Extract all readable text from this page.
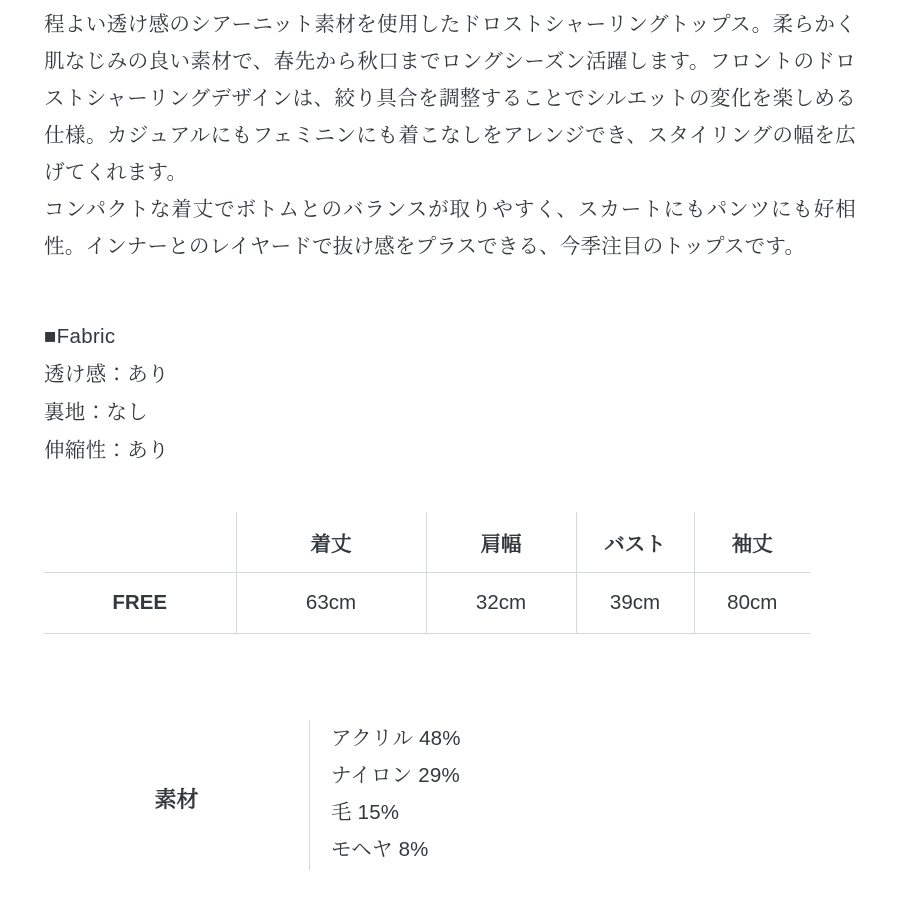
程よい透け感のシアーニット素材を使用したドロストシャーリングトップス。柔らかく肌なじみの良い素材で、春先から秋口までロングシーズン活躍します。フロントのドロストシャーリングデザインは、絞り具合を調整することでシルエットの変化を楽しめる仕様。カジュアルにもフェミニンにも着こなしをアレンジでき、スタイリングの幅を広げてくれます。

コンパクトな着丈でボトムとのバランスが取りやすく、スカートにもパンツにも好相性。インナーとのレイヤードで抜け感をプラスできる、今季注目のトップスです。

■Fabric
透け感：あり
裏地：なし
伸縮性：あり
	着丈	肩幅	バスト	袖丈
FREE	63cm	32cm	39cm	80cm
素材
アクリル 48%
ナイロン 29%
毛 15%
モヘヤ 8%
